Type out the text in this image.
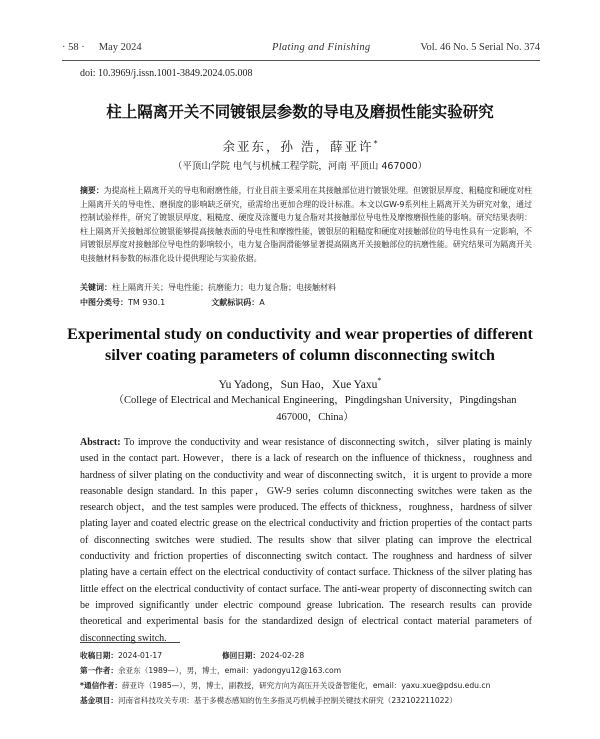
· 58 · May 2024	Plating and Finishing	Vol. 46 No. 5 Serial No. 374
doi: 10.3969/j.issn.1001-3849.2024.05.008
柱上隔离开关不同镀银层参数的导电及磨损性能实验研究
余亚东，孙 浩，薛亚许*
（平顶山学院 电气与机械工程学院，河南 平顶山 467000）
摘要：为提高柱上隔离开关的导电和耐磨性能，行业目前主要采用在其接触部位进行镀银处理。但镀银层厚度、粗糙度和硬度对柱上隔离开关的导电性、磨损度的影响缺乏研究，亟需给出更加合理的设计标准。本文以GW-9系列柱上隔离开关为研究对象，通过控制试验样件，研究了镀银层厚度、粗糙度、硬度及涂覆电力复合脂对其接触部位导电性及摩擦磨损性能的影响。研究结果表明：柱上隔离开关接触部位镀银能够提高接触表面的导电性和摩擦性能，镀银层的粗糙度和硬度对接触部位的导电性具有一定影响，不同镀银层厚度对接触部位导电性的影响较小，电力复合脂润滑能够显著提高隔离开关接触部位的抗磨性能。研究结果可为隔离开关电接触材料参数的标准化设计提供理论与实验依据。
关键词：柱上隔离开关；导电性能；抗磨能力；电力复合脂；电接触材料
中图分类号：TM 930.1	文献标识码：A
Experimental study on conductivity and wear properties of different silver coating parameters of column disconnecting switch
Yu Yadong，Sun Hao，Xue Yaxu*
（College of Electrical and Mechanical Engineering，Pingdingshan University，Pingdingshan 467000，China）
Abstract: To improve the conductivity and wear resistance of disconnecting switch，silver plating is mainly used in the contact part. However，there is a lack of research on the influence of thickness，roughness and hardness of silver plating on the conductivity and wear of disconnecting switch，it is urgent to provide a more reasonable design standard. In this paper，GW-9 series column disconnecting switches were taken as the research object，and the test samples were produced. The effects of thickness，roughness，hardness of silver plating layer and coated electric grease on the electrical conductivity and friction properties of the contact parts of disconnecting switches were studied. The results show that silver plating can improve the electrical conductivity and friction properties of disconnecting switch contact. The roughness and hardness of silver plating have a certain effect on the electrical conductivity of contact surface. Thickness of the silver plating has little effect on the electrical conductivity of contact surface. The anti-wear property of disconnecting switch can be improved significantly under electric compound grease lubrication. The research results can provide theoretical and experimental basis for the standardized design of electrical contact material parameters of disconnecting switch.
收稿日期：2024-01-17	修回日期：2024-02-28
第一作者：余亚东（1989—），男，博士，email：yadongyu12@163.com
*通信作者：薛亚许（1985—），男，博士，副教授，研究方向为高压开关设备智能化，email：yaxu.xue@pdsu.edu.cn
基金项目：河南省科技攻关专项：基于多模态感知的仿生多指灵巧机械手控制关键技术研究（232102211022）
